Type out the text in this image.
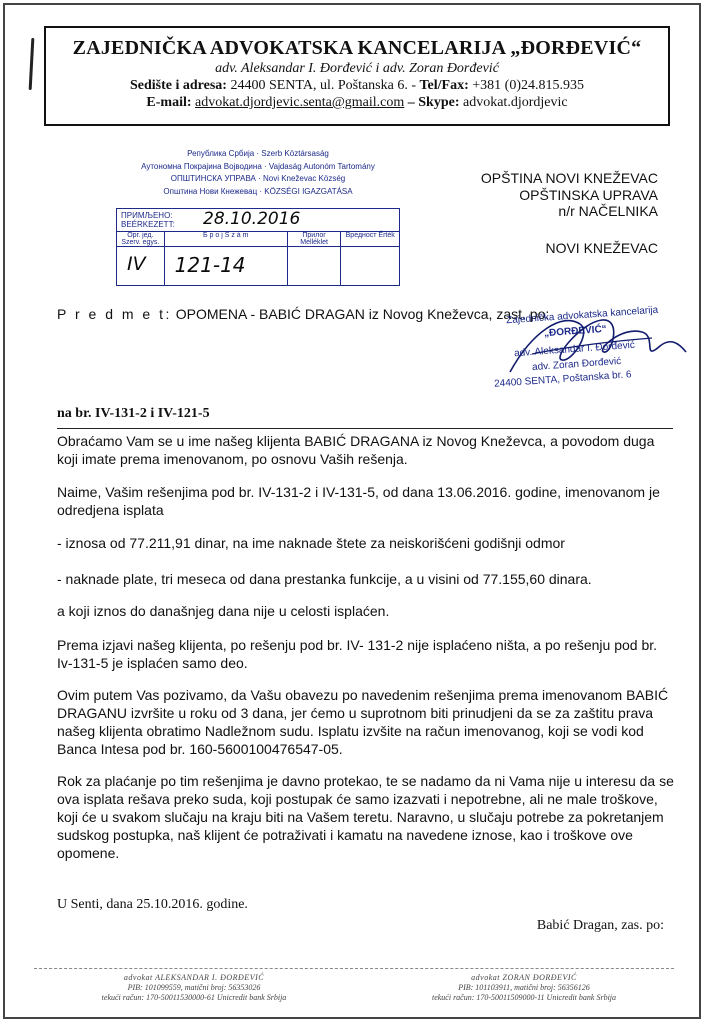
ZAJEDNIČKA ADVOKATSKA KANCELARIJA „ĐORĐEVIĆ“
adv. Aleksandar I. Đorđević i adv. Zoran Đorđević
Sedište i adresa: 24400 SENTA, ul. Poštanska 6. - Tel/Fax: +381 (0)24.815.935
E-mail: advokat.djordjevic.senta@gmail.com – Skype: advokat.djordjevic
Република Србија · Szerb Köztársaság
Аутономна Покрајина Војводина · Vajdaság Autonóm Tartomány
ОПШТИНСКА УПРАВА · Novi Kneževac Község
Општина Нови Кнежевац · KÖZSÉGI IGAZGATÁSA
ПРИМЉЕНО: BEÉRKEZETT: 28.10.2016
Орг. јед. Szerv. egys.
Б р о ј S z á m	Прилог Melléklet
Вредност Érték
IV 121-14
OPŠTINA NOVI KNEŽEVAC
OPŠTINSKA UPRAVA
n/r NAČELNIKA
NOVI KNEŽEVAC
P r e d m e t: OPOMENA - BABIĆ DRAGAN iz Novog Kneževca, zast. po:
Zajednička advokatska kancelarija
„ĐORĐEVIĆ“
adv. Aleksandar I. Đorđević
adv. Zoran Đorđević
24400 SENTA, Poštanska br. 6
na br. IV-131-2 i IV-121-5

Obraćamo Vam se u ime našeg klijenta BABIĆ DRAGANA iz Novog Kneževca, a povodom duga

koji imate prema imenovanom, po osnovu Vaših rešenja.

Naime, Vašim rešenjima pod br. IV-131-2 i IV-131-5, od dana 13.06.2016. godine, imenovanom je

odredjena isplata

- iznosa od 77.211,91 dinar, na ime naknade štete za neiskorišćeni godišnji odmor

- naknade plate, tri meseca od dana prestanka funkcije, a u visini od 77.155,60 dinara.

a koji iznos do današnjeg dana nije u celosti isplaćen.

Prema izjavi našeg klijenta, po rešenju pod br. IV- 131-2 nije isplaćeno ništa, a po rešenju pod br.

Iv-131-5 je isplaćen samo deo.

Ovim putem Vas pozivamo, da Vašu obavezu po navedenim rešenjima prema imenovanom BABIĆ

DRAGANU izvršite u roku od 3 dana, jer ćemo u suprotnom biti prinudjeni da se za zaštitu prava

našeg klijenta obratimo Nadležnom sudu. Isplatu izvšite na račun imenovanog, koji se vodi kod

Banca Intesa pod br. 160-5600100476547-05.

Rok za plaćanje po tim rešenjima je davno protekao, te se nadamo da ni Vama nije u interesu da se

ova isplata rešava preko suda, koji postupak će samo izazvati i nepotrebne, ali ne male troškove,

koji će u svakom slučaju na kraju biti na Vašem teretu. Naravno, u slučaju potrebe za pokretanjem

sudskog postupka, naš klijent će potraživati i kamatu na navedene iznose, kao i troškove ove

opomene.

U Senti, dana 25.10.2016. godine.
Babić Dragan, zas. po:
advokat ALEKSANDAR I. ĐORĐEVIĆ
PIB: 101099559, matični broj: 56353026
tekući račun: 170-50011530000-61 Unicredit bank Srbija
advokat ZORAN ĐORĐEVIĆ
PIB: 101103911, matični broj: 56356126
tekući račun: 170-50011509000-11 Unicredit bank Srbija
